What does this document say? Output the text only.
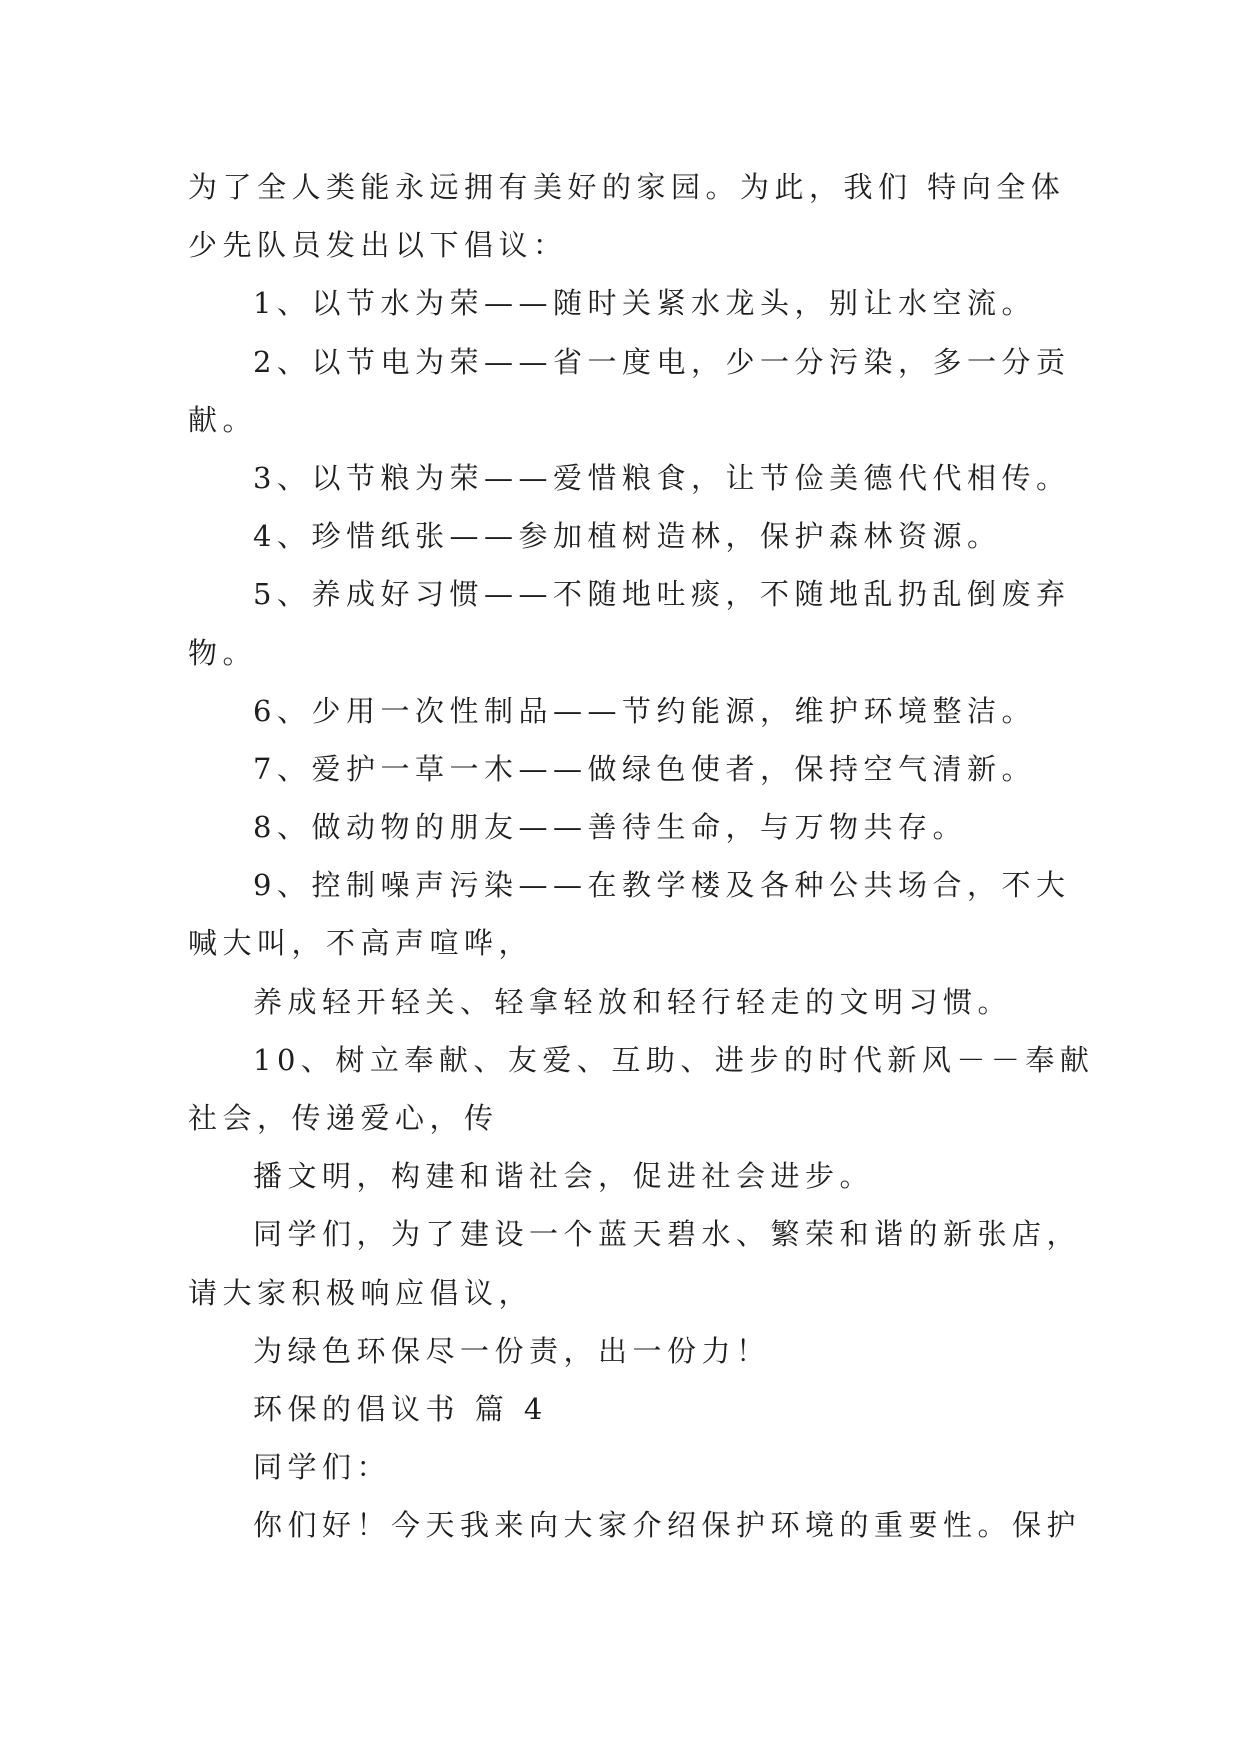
为了全人类能永远拥有美好的家园。为此，我们 特向全体
少先队员发出以下倡议：
1、以节水为荣——随时关紧水龙头，别让水空流。
2、以节电为荣——省一度电，少一分污染，多一分贡
献。
3、以节粮为荣——爱惜粮食，让节俭美德代代相传。
4、珍惜纸张——参加植树造林，保护森林资源。
5、养成好习惯——不随地吐痰，不随地乱扔乱倒废弃
物。
6、少用一次性制品——节约能源，维护环境整洁。
7、爱护一草一木——做绿色使者，保持空气清新。
8、做动物的朋友——善待生命，与万物共存。
9、控制噪声污染——在教学楼及各种公共场合，不大
喊大叫，不高声喧哗，
养成轻开轻关、轻拿轻放和轻行轻走的文明习惯。
10、树立奉献、友爱、互助、进步的时代新风－－奉献
社会，传递爱心，传
播文明，构建和谐社会，促进社会进步。
同学们，为了建设一个蓝天碧水、繁荣和谐的新张店，
请大家积极响应倡议，
为绿色环保尽一份责，出一份力！
环保的倡议书 篇 4
同学们：
你们好！今天我来向大家介绍保护环境的重要性。保护
